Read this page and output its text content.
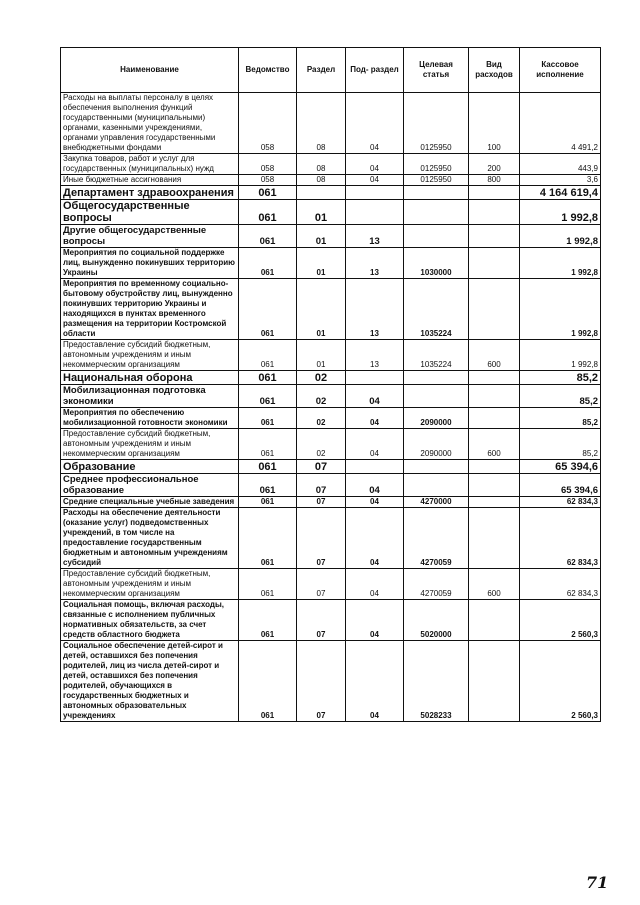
Наименование	Ведомство	Раздел	Под- раздел	Целевая статья	Вид расходов	Кассовое исполнение
Расходы на выплаты персоналу в целях обеспечения выполнения функций государственными (муниципальными) органами, казенными учреждениями, органами управления государственными внебюджетными фондами	058	08	04	0125950	100	4 491,2
Закупка товаров, работ и услуг для государственных (муниципальных) нужд	058	08	04	0125950	200	443,9
Иные бюджетные ассигнования	058	08	04	0125950	800	3,6
Департамент здравоохранения	061					4 164 619,4
Общегосударственные вопросы	061	01				1 992,8
Другие общегосударственные вопросы	061	01	13			1 992,8
Мероприятия по социальной поддержке лиц, вынужденно покинувших территорию Украины	061	01	13	1030000		1 992,8
Мероприятия по временному социально-бытовому обустройству лиц, вынужденно покинувших территорию Украины и находящихся в пунктах временного размещения на территории Костромской области	061	01	13	1035224		1 992,8
Предоставление субсидий бюджетным, автономным учреждениям и иным некоммерческим организациям	061	01	13	1035224	600	1 992,8
Национальная оборона	061	02				85,2
Мобилизационная подготовка экономики	061	02	04			85,2
Мероприятия по обеспечению мобилизационной готовности экономики	061	02	04	2090000		85,2
Предоставление субсидий бюджетным, автономным учреждениям и иным некоммерческим организациям	061	02	04	2090000	600	85,2
Образование	061	07				65 394,6
Среднее профессиональное образование	061	07	04			65 394,6
Средние специальные учебные заведения	061	07	04	4270000		62 834,3
Расходы на обеспечение деятельности (оказание услуг) подведомственных учреждений, в том числе на предоставление государственным бюджетным и автономным учреждениям субсидий	061	07	04	4270059		62 834,3
Предоставление субсидий бюджетным, автономным учреждениям и иным некоммерческим организациям	061	07	04	4270059	600	62 834,3
Социальная помощь, включая расходы, связанные с исполнением публичных нормативных обязательств, за счет средств областного бюджета	061	07	04	5020000		2 560,3
Социальное обеспечение детей-сирот и детей, оставшихся без попечения родителей, лиц из числа детей-сирот и детей, оставшихся без попечения родителей, обучающихся в государственных бюджетных и автономных образовательных учреждениях	061	07	04	5028233		2 560,3
71
